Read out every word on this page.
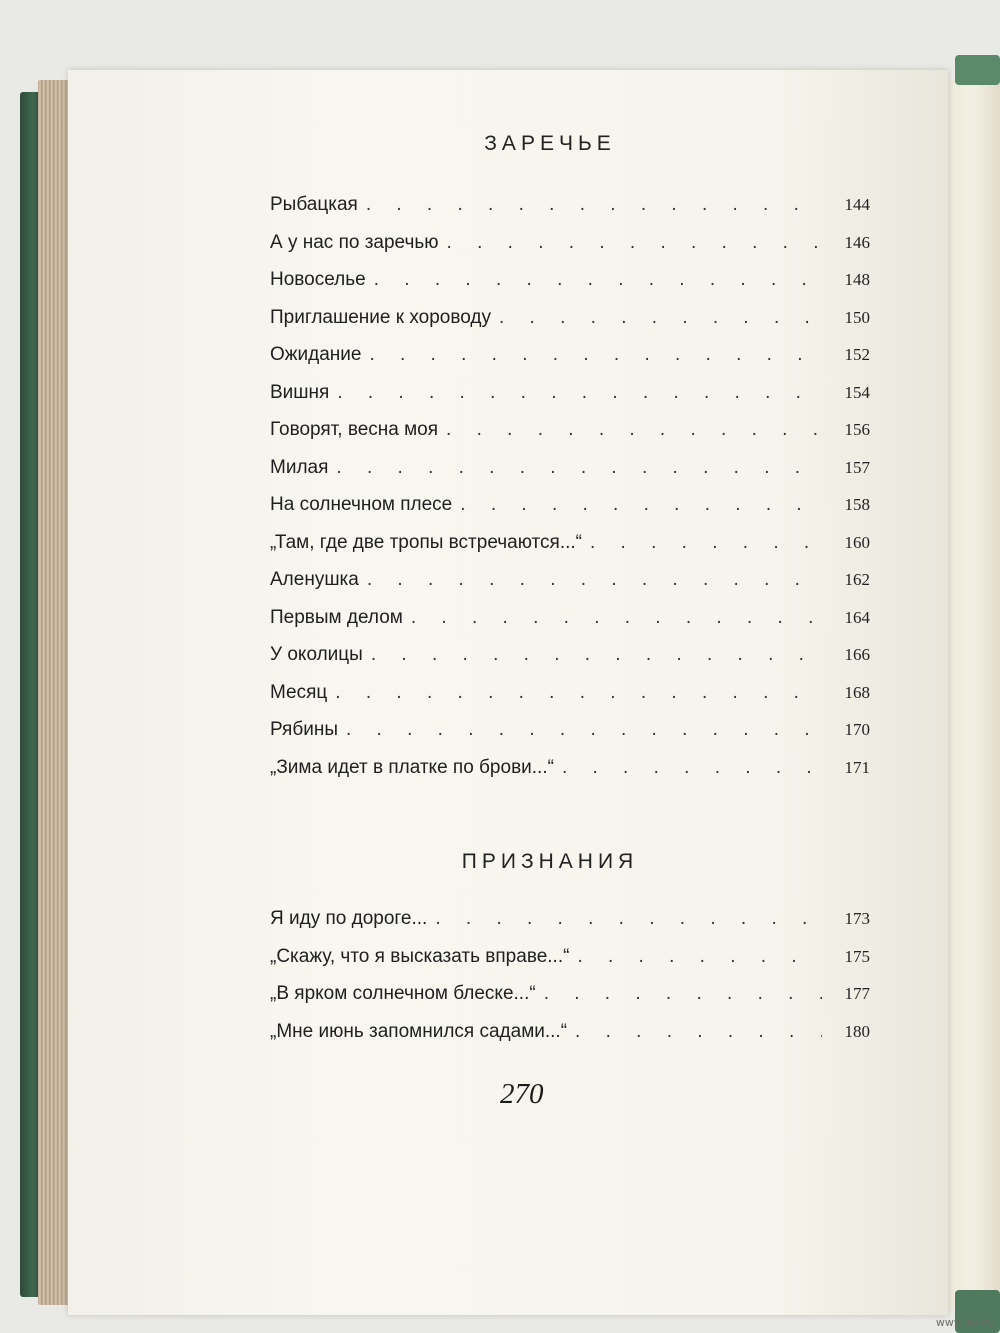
ЗАРЕЧЬЕ
Рыбацкая . . .	144
А у нас по заречью . . .	146
Новоселье . . .	148
Приглашение к хороводу . . .	150
Ожидание . . .	152
Вишня . . .	154
Говорят, весна моя . . .	156
Милая . . .	157
На солнечном плесе . . .	158
„Там, где две тропы встречаются...“ . . .	160
Аленушка . . .	162
Первым делом . . .	164
У околицы . . .	166
Месяц . . .	168
Рябины . . .	170
„Зима идет в платке по брови...“ . . .	171
ПРИЗНАНИЯ
Я иду по дороге... . . .	173
„Скажу, что я высказать вправе...“ . . .	175
„В ярком солнечном блеске...“ . . .	177
„Мне июнь запомнился садами...“ . . .	180
270
www.ay.by
